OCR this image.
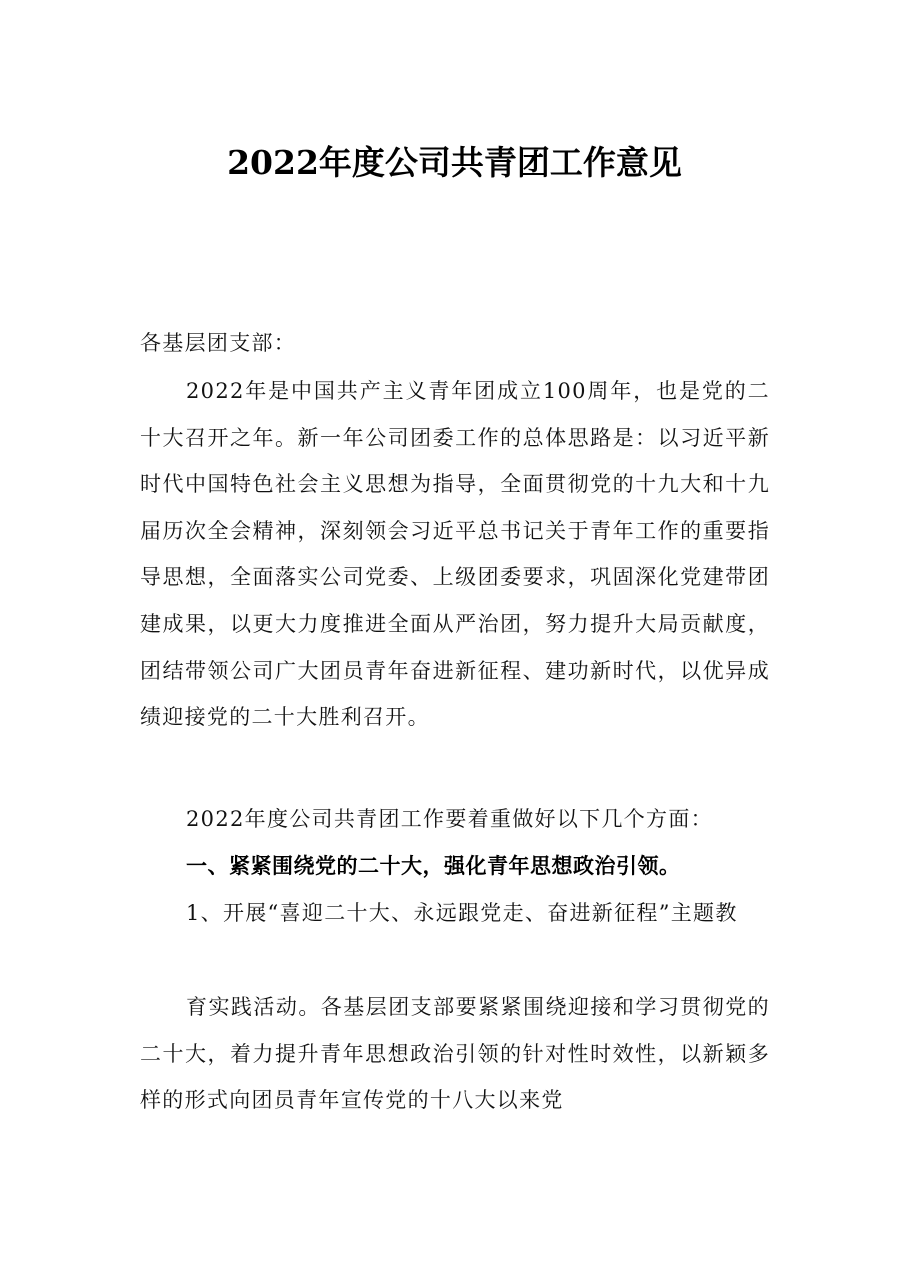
2022年度公司共青团工作意见
各基层团支部：
2022年是中国共产主义青年团成立100周年，也是党的二十大召开之年。新一年公司团委工作的总体思路是：以习近平新时代中国特色社会主义思想为指导，全面贯彻党的十九大和十九届历次全会精神，深刻领会习近平总书记关于青年工作的重要指导思想，全面落实公司党委、上级团委要求，巩固深化党建带团建成果，以更大力度推进全面从严治团，努力提升大局贡献度，团结带领公司广大团员青年奋进新征程、建功新时代，以优异成绩迎接党的二十大胜利召开。
2022年度公司共青团工作要着重做好以下几个方面：
一、紧紧围绕党的二十大，强化青年思想政治引领。
1、开展“喜迎二十大、永远跟党走、奋进新征程”主题教
育实践活动。各基层团支部要紧紧围绕迎接和学习贯彻党的二十大，着力提升青年思想政治引领的针对性时效性，以新颖多样的形式向团员青年宣传党的十八大以来党
